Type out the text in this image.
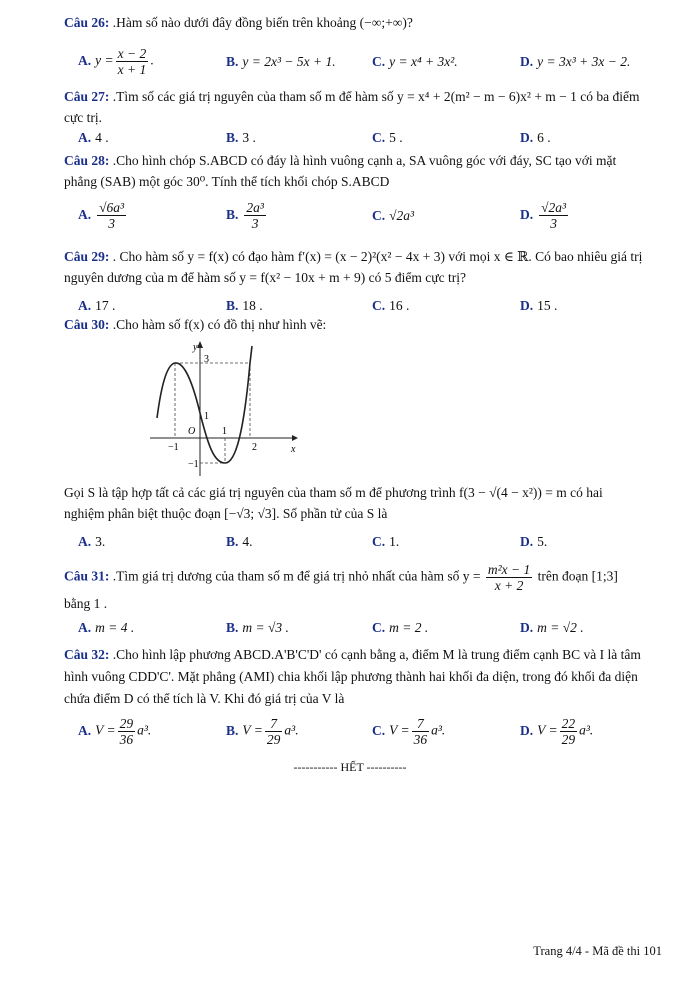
Câu 26: .Hàm số nào dưới đây đồng biến trên khoảng (−∞;+∞)?
A. $y = \frac{x - 2}{x + 1}$ .	B. y = 2x³ − 5x + 1.	C. y = x⁴ + 3x².	D. y = 3x³ + 3x − 2.
Câu 27: .Tìm số các giá trị nguyên của tham số m để hàm số y = x⁴ + 2(m² − m − 6)x² + m − 1 có ba điểm cực trị.
A. 4 .	B. 3 .	C. 5 .	D. 6 .
Câu 28: .Cho hình chóp S.ABCD có đáy là hình vuông cạnh a, SA vuông góc với đáy, SC tạo với mặt phẳng (SAB) một góc 30⁰. Tính thể tích khối chóp S.ABCD
A. $\frac{\text{√6a³}}{3}$	B. $\frac{\text{2a³}}{3}$	C. √2a³	D. $\frac{\text{√2a³}}{3}$
Câu 29: . Cho hàm số y = f(x) có đạo hàm f′(x) = (x − 2)²(x² − 4x + 3) với mọi x ∈ ℝ. Có bao nhiêu giá trị nguyên dương của m để hàm số y = f(x² − 10x + m + 9) có 5 điểm cực trị?
A. 17 .	B. 18 .	C. 16 .	D. 15 .
Câu 30: .Cho hàm số f(x) có đồ thị như hình vẽ:
y
x
3
1
O	1
−1	2
−1
Gọi S là tập hợp tất cả các giá trị nguyên của tham số m để phương trình f(3 − √(4 − x²)) = m có hai nghiệm phân biệt thuộc đoạn [−√3; √3]. Số phần tử của S là
A. 3.	B. 4.	C. 1.	D. 5.
Câu 31: .Tìm giá trị dương của tham số m để giá trị nhỏ nhất của hàm số $y = \frac{\text{m²x − 1}}{x + 2}$ trên đoạn [1;3] bằng 1 .
A. m = 4 .	B. m = √3 .	C. m = 2 .	D. m = √2 .
Câu 32: .Cho hình lập phương ABCD.A'B'C'D' có cạnh bằng a, điểm M là trung điểm cạnh BC và I là tâm hình vuông CDD'C'. Mặt phẳng (AMI) chia khối lập phương thành hai khối đa diện, trong đó khối đa diện chứa điểm D có thể tích là V. Khi đó giá trị của V là
A. $V = \frac{29}{36} a^3$.	B. $V = \frac{7}{29} a^3$.	C. $V = \frac{7}{36} a^3$.	D. $V = \frac{22}{29} a^3$.
----------- HẾT ----------
Trang 4/4 - Mã đề thi 101
